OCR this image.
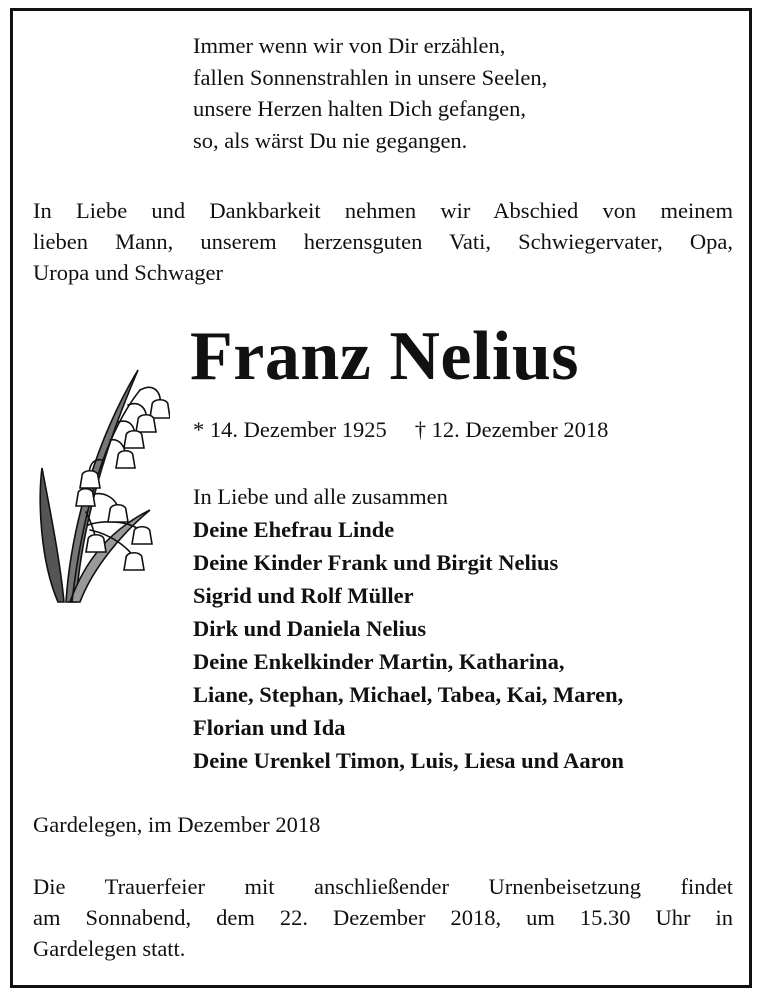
Immer wenn wir von Dir erzählen,
fallen Sonnenstrahlen in unsere Seelen,
unsere Herzen halten Dich gefangen,
so, als wärst Du nie gegangen.
In Liebe und Dankbarkeit nehmen wir Abschied von meinem
lieben Mann, unserem herzensguten Vati, Schwiegervater, Opa,
Uropa und Schwager
Franz Nelius
* 14. Dezember 1925 † 12. Dezember 2018
In Liebe und alle zusammen
Deine Ehefrau Linde
Deine Kinder Frank und Birgit Nelius
Sigrid und Rolf Müller
Dirk und Daniela Nelius
Deine Enkelkinder Martin, Katharina,
Liane, Stephan, Michael, Tabea, Kai, Maren,
Florian und Ida
Deine Urenkel Timon, Luis, Liesa und Aaron
Gardelegen, im Dezember 2018
Die Trauerfeier mit anschließender Urnenbeisetzung findet
am Sonnabend, dem 22. Dezember 2018, um 15.30 Uhr in
Gardelegen statt.
